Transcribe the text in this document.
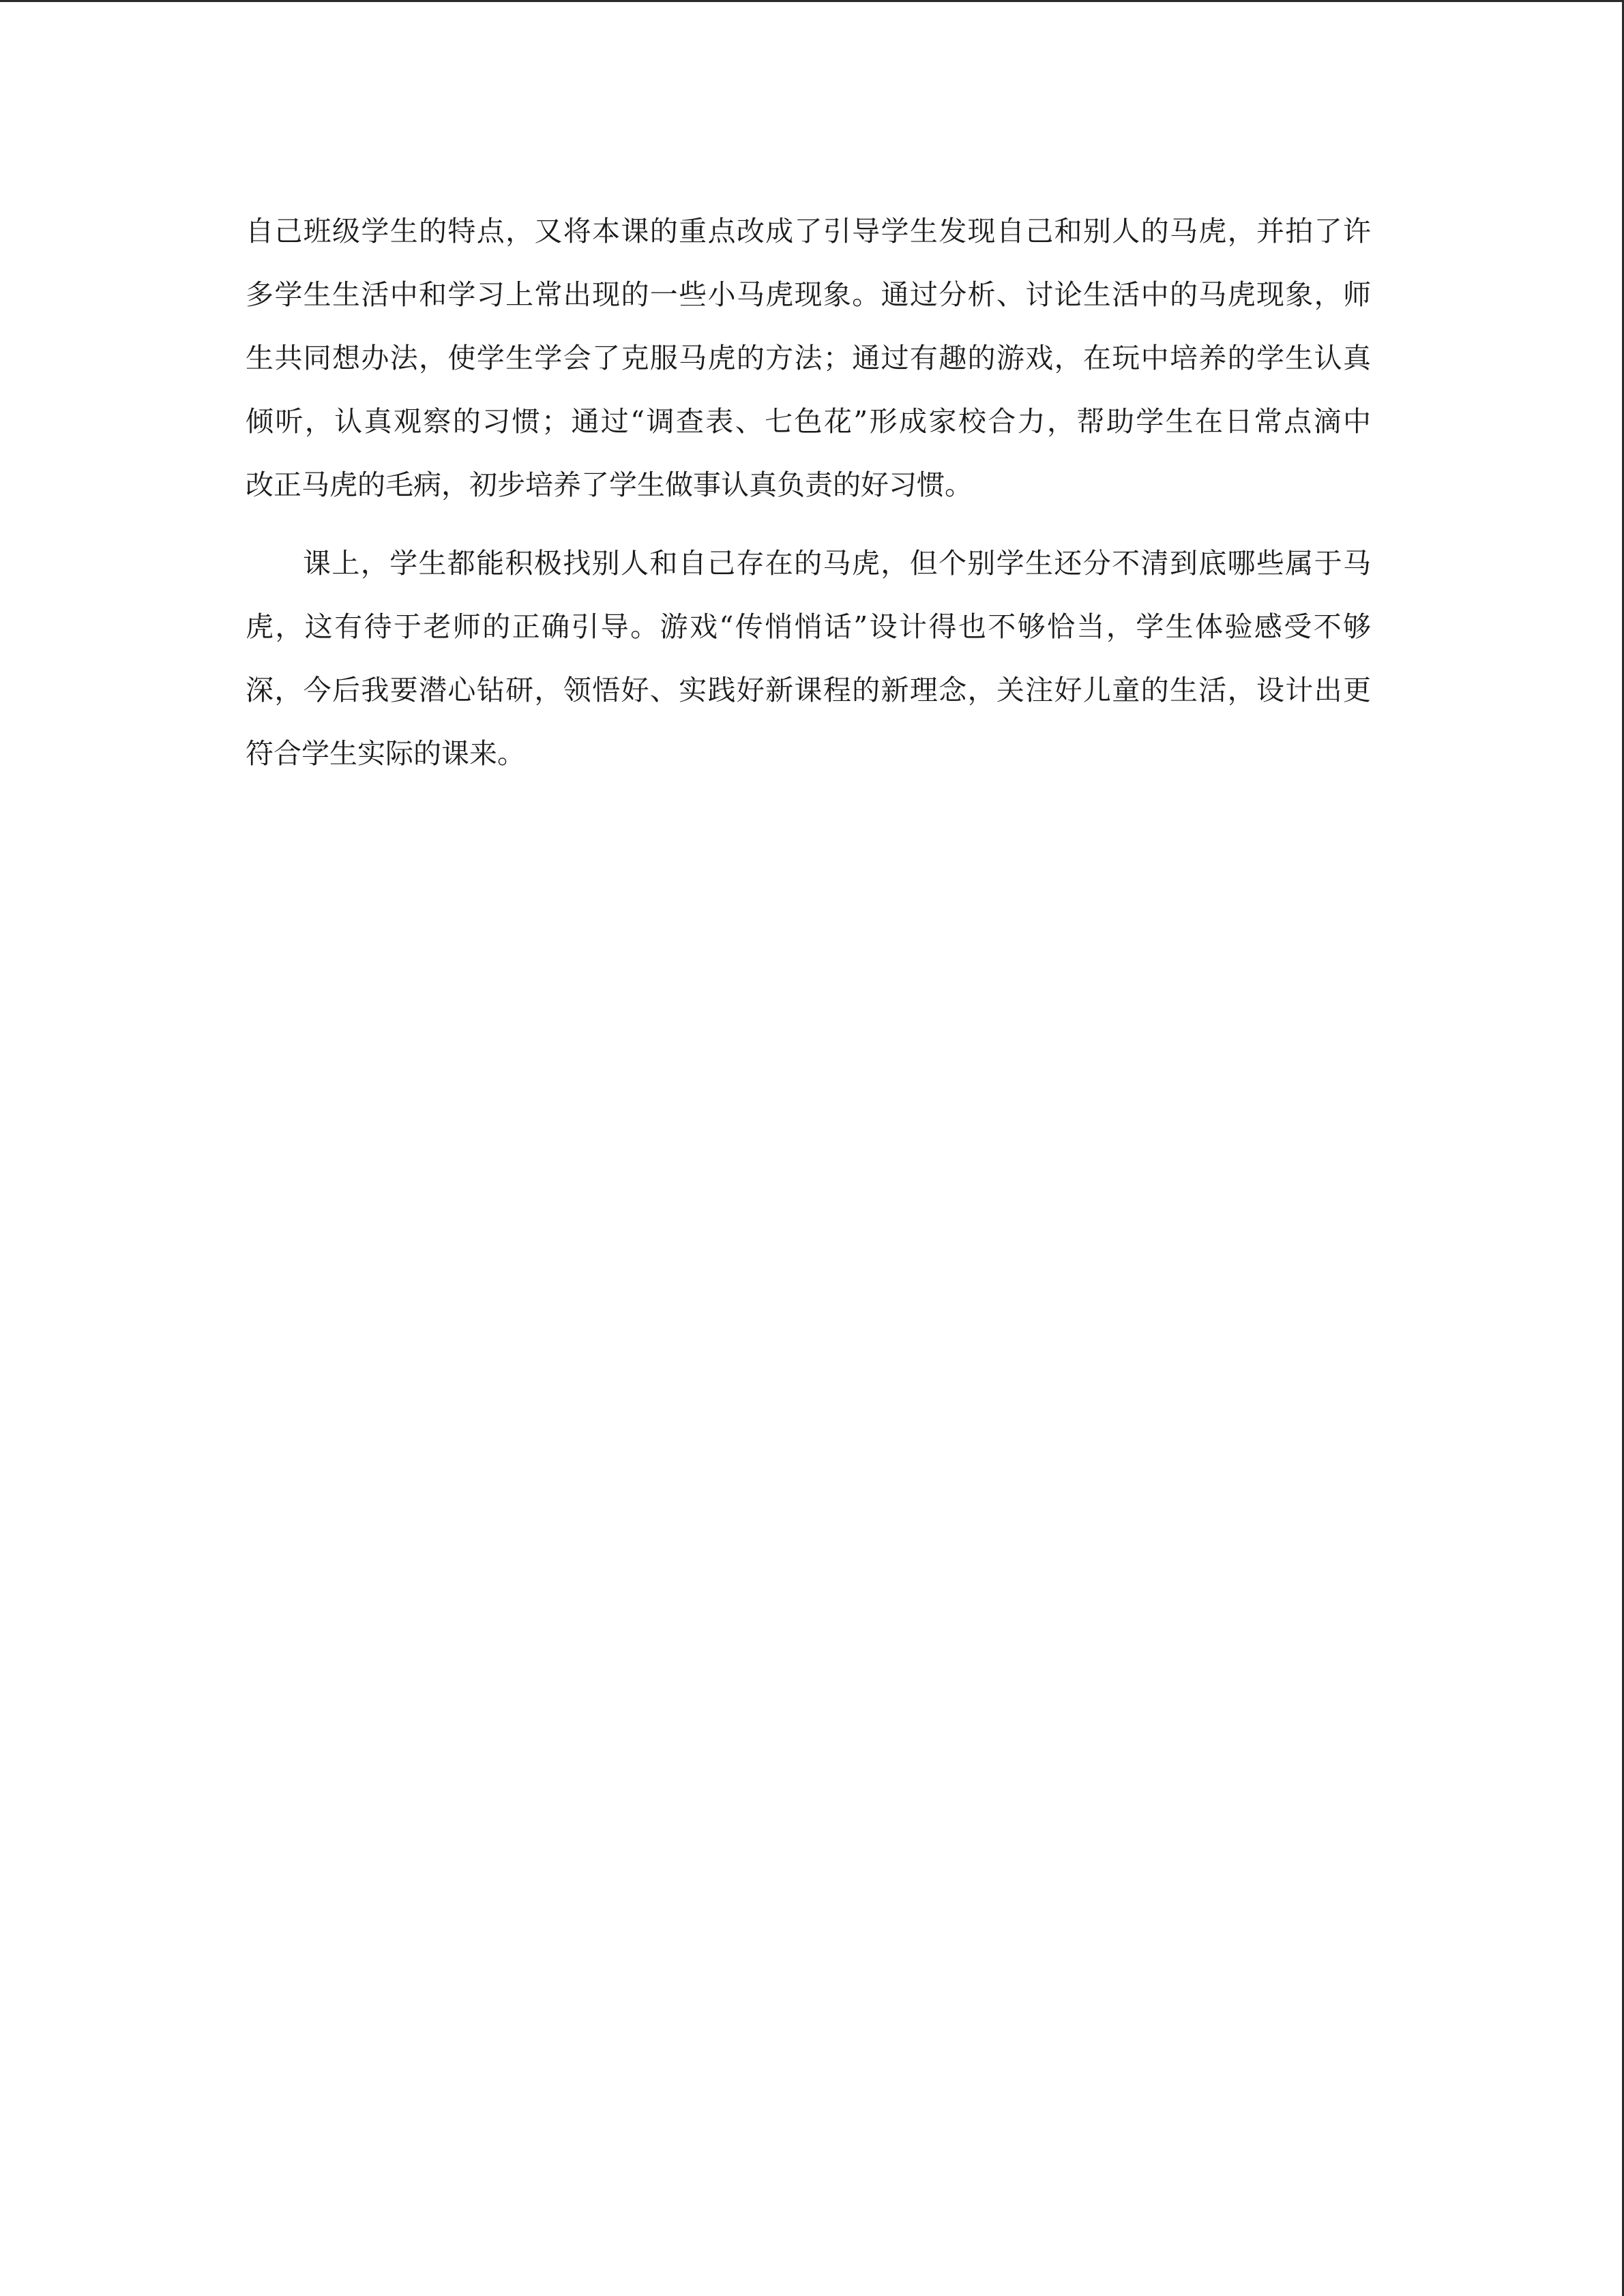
自己班级学生的特点，又将本课的重点改成了引导学生发现自己和别人的马虎，并拍了许
多学生生活中和学习上常出现的一些小马虎现象。通过分析、讨论生活中的马虎现象，师
生共同想办法，使学生学会了克服马虎的方法；通过有趣的游戏，在玩中培养的学生认真
倾听，认真观察的习惯；通过“调查表、七色花”形成家校合力，帮助学生在日常点滴中
改正马虎的毛病，初步培养了学生做事认真负责的好习惯。
课上，学生都能积极找别人和自己存在的马虎，但个别学生还分不清到底哪些属于马
虎，这有待于老师的正确引导。游戏“传悄悄话”设计得也不够恰当，学生体验感受不够
深，今后我要潜心钻研，领悟好、实践好新课程的新理念，关注好儿童的生活，设计出更
符合学生实际的课来。
